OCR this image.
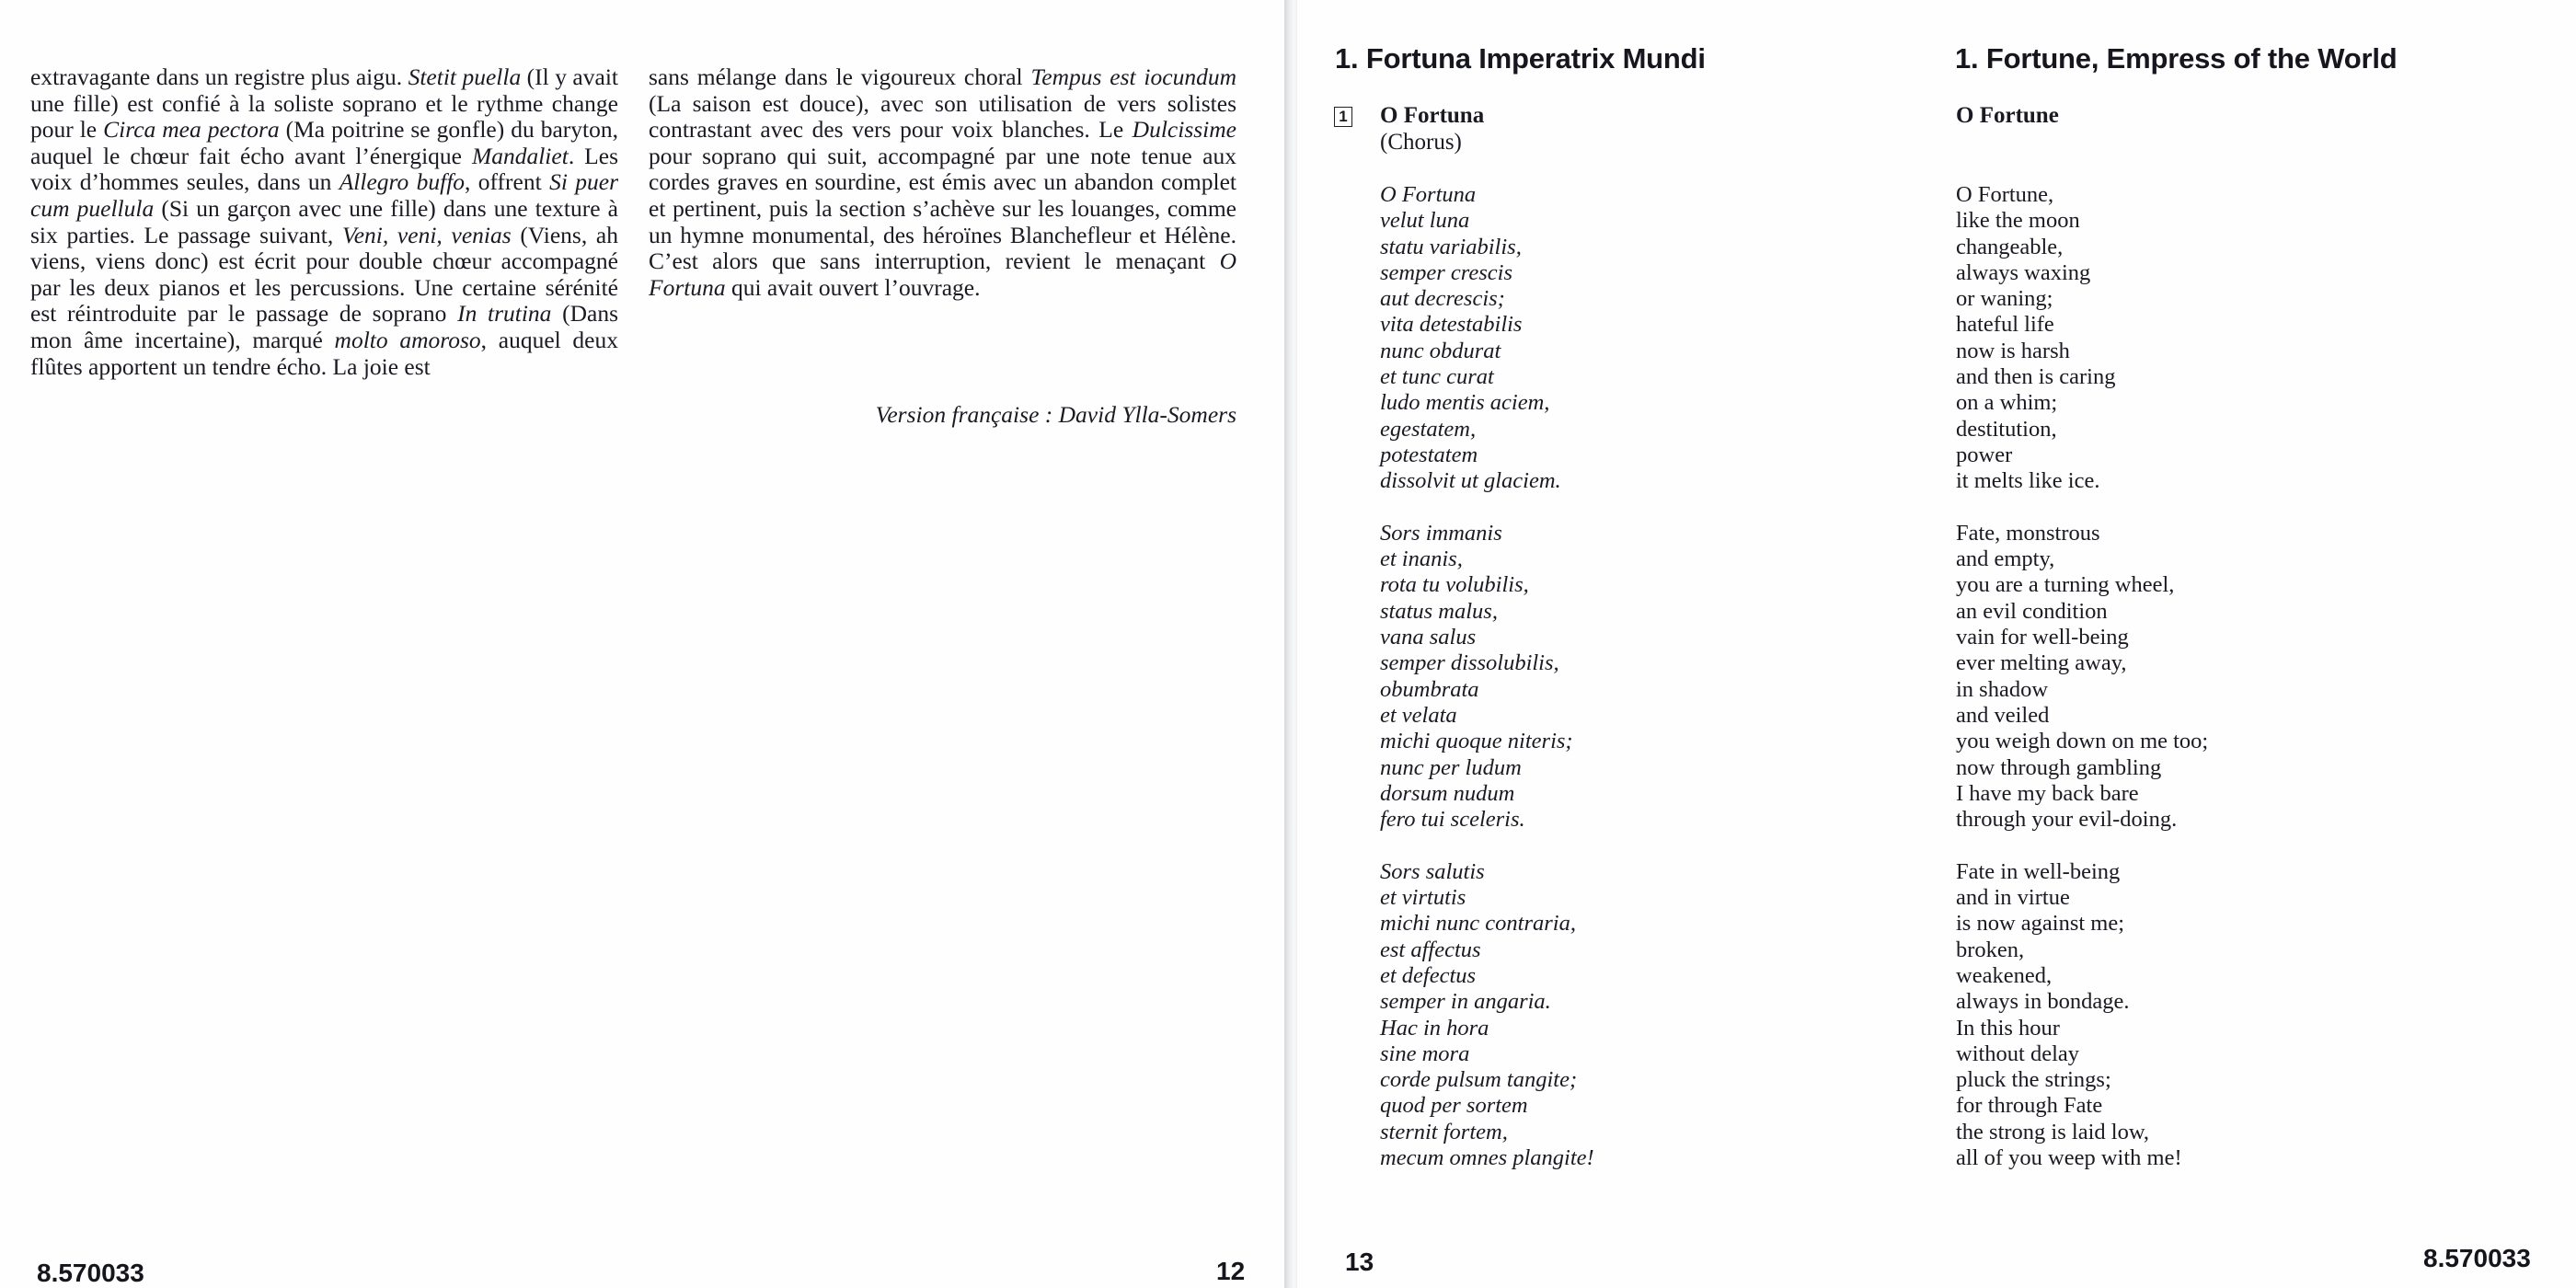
extravagante dans un registre plus aigu. Stetit puella (Il y avait une fille) est confié à la soliste soprano et le rythme change pour le Circa mea pectora (Ma poitrine se gonfle) du baryton, auquel le chœur fait écho avant l’énergique Mandaliet. Les voix d’hommes seules, dans un Allegro buffo, offrent Si puer cum puellula (Si un garçon avec une fille) dans une texture à six parties. Le passage suivant, Veni, veni, venias (Viens, ah viens, viens donc) est écrit pour double chœur accompagné par les deux pianos et les percussions. Une certaine sérénité est réintroduite par le passage de soprano In trutina (Dans mon âme incertaine), marqué molto amoroso, auquel deux flûtes apportent un tendre écho. La joie est

sans mélange dans le vigoureux choral Tempus est iocundum (La saison est douce), avec son utilisation de vers solistes contrastant avec des vers pour voix blanches. Le Dulcissime pour soprano qui suit, accompagné par une note tenue aux cordes graves en sourdine, est émis avec un abandon complet et pertinent, puis la section s’achève sur les louanges, comme un hymne monumental, des héroïnes Blanchefleur et Hélène. C’est alors que sans interruption, revient le menaçant O Fortuna qui avait ouvert l’ouvrage.

Version française : David Ylla-Somers
8.570033	12
1. Fortuna Imperatrix Mundi	1. Fortune, Empress of the World
1 O Fortuna
(Chorus)
O Fortune
O Fortuna
velut luna
statu variabilis,
semper crescis
aut decrescis;
vita detestabilis
nunc obdurat
et tunc curat
ludo mentis aciem,
egestatem,
potestatem
dissolvit ut glaciem.
Sors immanis
et inanis,
rota tu volubilis,
status malus,
vana salus
semper dissolubilis,
obumbrata
et velata
michi quoque niteris;
nunc per ludum
dorsum nudum
fero tui sceleris.
Sors salutis
et virtutis
michi nunc contraria,
est affectus
et defectus
semper in angaria.
Hac in hora
sine mora
corde pulsum tangite;
quod per sortem
sternit fortem,
mecum omnes plangite!
O Fortune,
like the moon
changeable,
always waxing
or waning;
hateful life
now is harsh
and then is caring
on a whim;
destitution,
power
it melts like ice.
Fate, monstrous
and empty,
you are a turning wheel,
an evil condition
vain for well-being
ever melting away,
in shadow
and veiled
you weigh down on me too;
now through gambling
I have my back bare
through your evil-doing.
Fate in well-being
and in virtue
is now against me;
broken,
weakened,
always in bondage.
In this hour
without delay
pluck the strings;
for through Fate
the strong is laid low,
all of you weep with me!
13	8.570033
